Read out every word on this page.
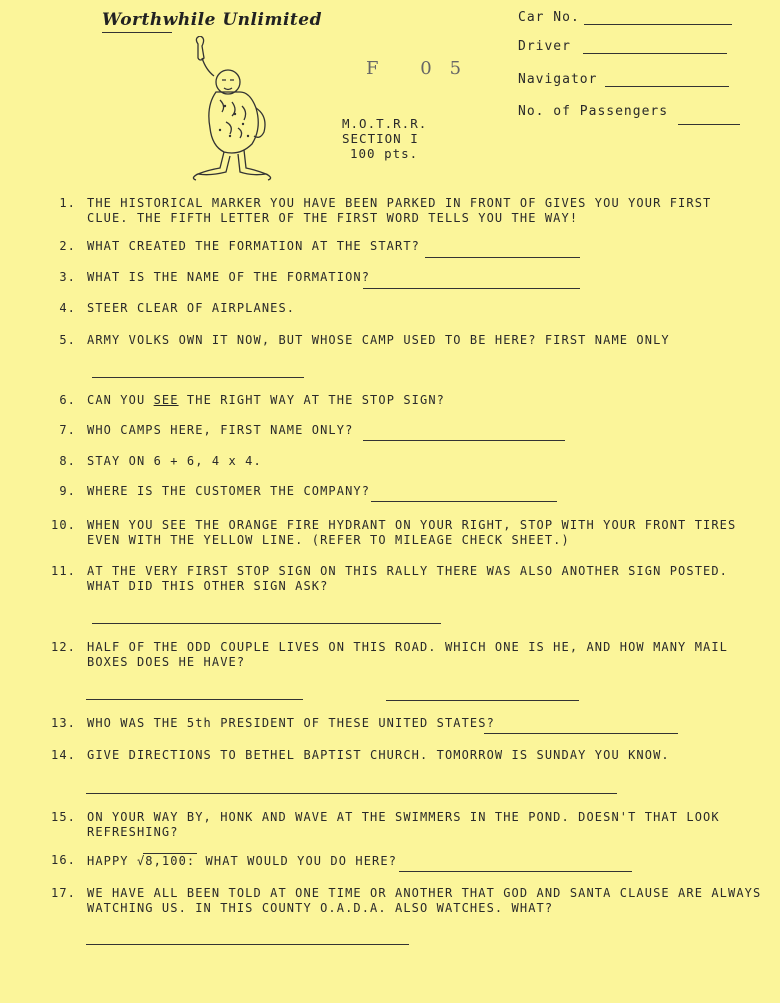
Worthwhile Unlimited
F 05
Car No.
Driver
Navigator
No. of Passengers
M.O.T.R.R.
SECTION I
100 pts.
1. THE HISTORICAL MARKER YOU HAVE BEEN PARKED IN FRONT OF GIVES YOU YOUR FIRST
CLUE. THE FIFTH LETTER OF THE FIRST WORD TELLS YOU THE WAY!
2. WHAT CREATED THE FORMATION AT THE START?
3. WHAT IS THE NAME OF THE FORMATION?
4. STEER CLEAR OF AIRPLANES.
5. ARMY VOLKS OWN IT NOW, BUT WHOSE CAMP USED TO BE HERE? FIRST NAME ONLY
6. CAN YOU SEE THE RIGHT WAY AT THE STOP SIGN?
7. WHO CAMPS HERE, FIRST NAME ONLY?
8. STAY ON 6 + 6, 4 x 4.
9. WHERE IS THE CUSTOMER THE COMPANY?
10. WHEN YOU SEE THE ORANGE FIRE HYDRANT ON YOUR RIGHT, STOP WITH YOUR FRONT TIRES
EVEN WITH THE YELLOW LINE. (REFER TO MILEAGE CHECK SHEET.)
11. AT THE VERY FIRST STOP SIGN ON THIS RALLY THERE WAS ALSO ANOTHER SIGN POSTED.
WHAT DID THIS OTHER SIGN ASK?
12. HALF OF THE ODD COUPLE LIVES ON THIS ROAD. WHICH ONE IS HE, AND HOW MANY MAIL
BOXES DOES HE HAVE?
13. WHO WAS THE 5th PRESIDENT OF THESE UNITED STATES?
14. GIVE DIRECTIONS TO BETHEL BAPTIST CHURCH. TOMORROW IS SUNDAY YOU KNOW.
15. ON YOUR WAY BY, HONK AND WAVE AT THE SWIMMERS IN THE POND. DOESN'T THAT LOOK
REFRESHING?
16. HAPPY √8,100: WHAT WOULD YOU DO HERE?
17. WE HAVE ALL BEEN TOLD AT ONE TIME OR ANOTHER THAT GOD AND SANTA CLAUSE ARE ALWAYS
WATCHING US. IN THIS COUNTY O.A.D.A. ALSO WATCHES. WHAT?
